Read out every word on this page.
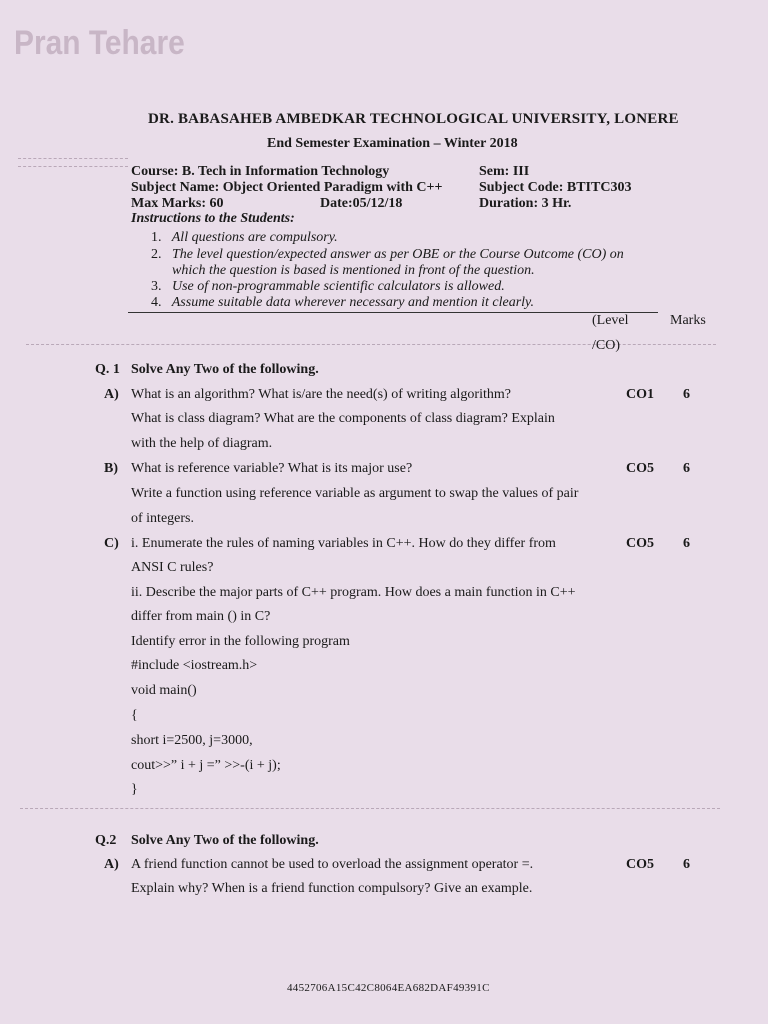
Pran Tehare
DR. BABASAHEB AMBEDKAR TECHNOLOGICAL UNIVERSITY, LONERE
End Semester Examination – Winter 2018
Course: B. Tech in Information Technology	Sem: III
Subject Name: Object Oriented Paradigm with C++	Subject Code: BTITC303
Max Marks: 60	Date:05/12/18	Duration: 3 Hr.
Instructions to the Students:
1. All questions are compulsory.
2. The level question/expected answer as per OBE or the Course Outcome (CO) on
which the question is based is mentioned in front of the question.
3. Use of non-programmable scientific calculators is allowed.
4. Assume suitable data wherever necessary and mention it clearly.
(Level	Marks
/CO)
Q. 1 Solve Any Two of the following.
A) What is an algorithm? What is/are the need(s) of writing algorithm?	CO1 6
What is class diagram? What are the components of class diagram? Explain
with the help of diagram.
B) What is reference variable? What is its major use?	CO5 6
Write a function using reference variable as argument to swap the values of pair
of integers.
C) i. Enumerate the rules of naming variables in C++. How do they differ from	CO5 6
ANSI C rules?
ii. Describe the major parts of C++ program. How does a main function in C++
differ from main () in C?
Identify error in the following program
#include <iostream.h>
void main()
{
short i=2500, j=3000,
cout>>” i + j =” >>-(i + j);
}
Q.2 Solve Any Two of the following.
A) A friend function cannot be used to overload the assignment operator =.	CO5 6
Explain why? When is a friend function compulsory? Give an example.
4452706A15C42C8064EA682DAF49391C
